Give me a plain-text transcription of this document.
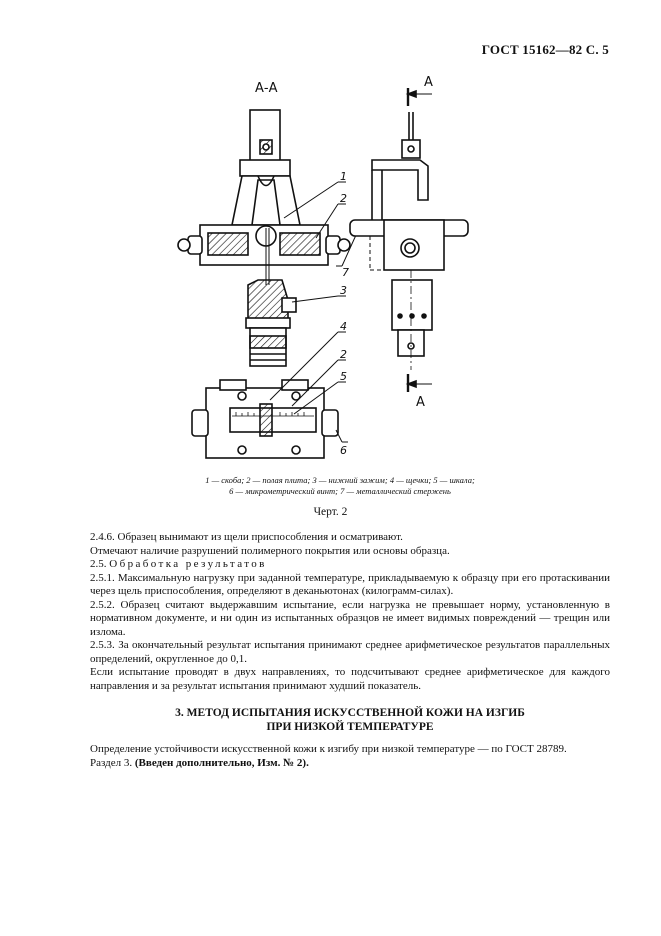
ГОСТ 15162—82 С. 5
А-А
1
2
3
4
2
5
6
7
А
А
1 — скоба; 2 — полая плита; 3 — нижний зажим; 4 — щечки; 5 — шкала;
6 — микрометрический винт; 7 — металлический стержень
Черт. 2

2.4.6. Образец вынимают из щели приспособления и осматривают.

Отмечают наличие разрушений полимерного покрытия или основы образца.

2.5. Обработка результатов

2.5.1. Максимальную нагрузку при заданной температуре, прикладываемую к образцу при его протаскивании через щель приспособления, определяют в деканьютонах (килограмм-силах).

2.5.2. Образец считают выдержавшим испытание, если нагрузка не превышает норму, установленную в нормативном документе, и ни один из испытанных образцов не имеет видимых повреждений — трещин или излома.

2.5.3. За окончательный результат испытания принимают среднее арифметическое результатов параллельных определений, округленное до 0,1.

Если испытание проводят в двух направлениях, то подсчитывают среднее арифметическое для каждого направления и за результат испытания принимают худший показатель.

3. МЕТОД ИСПЫТАНИЯ ИСКУССТВЕННОЙ КОЖИ НА ИЗГИБ
ПРИ НИЗКОЙ ТЕМПЕРАТУРЕ

Определение устойчивости искусственной кожи к изгибу при низкой температуре — по ГОСТ 28789.

Раздел 3. (Введен дополнительно, Изм. № 2).
